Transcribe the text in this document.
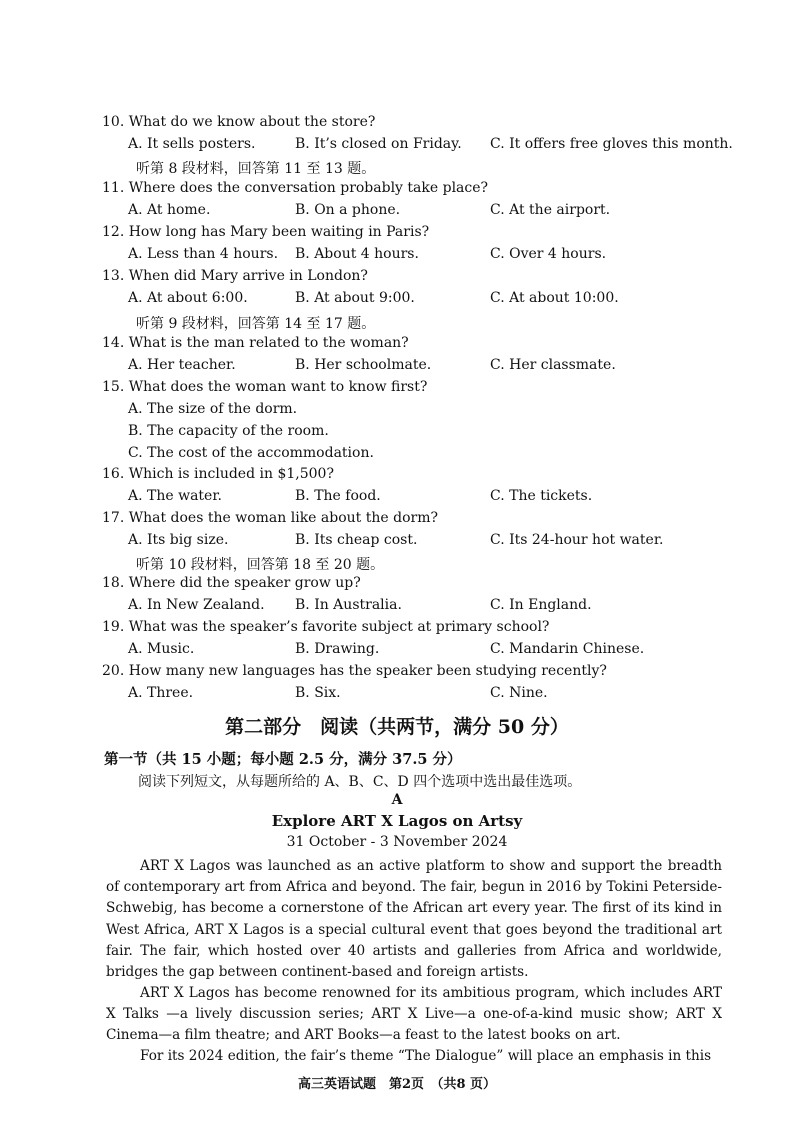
10. What do we know about the store?
A. It sells posters.	B. It’s closed on Friday. C. It offers free gloves this month.
听第 8 段材料，回答第 11 至 13 题。
11. Where does the conversation probably take place?
A. At home.	B. On a phone.	C. At the airport.
12. How long has Mary been waiting in Paris?
A. Less than 4 hours. B. About 4 hours.	C. Over 4 hours.
13. When did Mary arrive in London?
A. At about 6:00.	B. At about 9:00.	C. At about 10:00.
听第 9 段材料，回答第 14 至 17 题。
14. What is the man related to the woman?
A. Her teacher.	B. Her schoolmate.	C. Her classmate.
15. What does the woman want to know first?
A. The size of the dorm.
B. The capacity of the room.
C. The cost of the accommodation.
16. Which is included in $1,500?
A. The water.	B. The food.	C. The tickets.
17. What does the woman like about the dorm?
A. Its big size.	B. Its cheap cost.	C. Its 24-hour hot water.
听第 10 段材料，回答第 18 至 20 题。
18. Where did the speaker grow up?
A. In New Zealand. B. In Australia.	C. In England.
19. What was the speaker’s favorite subject at primary school?
A. Music.	B. Drawing.	C. Mandarin Chinese.
20. How many new languages has the speaker been studying recently?
A. Three.	B. Six.	C. Nine.
第二部分　阅读（共两节，满分 50 分）
第一节（共 15 小题；每小题 2.5 分，满分 37.5 分）
阅读下列短文，从每题所给的 A、B、C、D 四个选项中选出最佳选项。
A
Explore ART X Lagos on Artsy
31 October - 3 November 2024

ART X Lagos was launched as an active platform to show and support the breadth of contemporary art from Africa and beyond. The fair, begun in 2016 by Tokini Peterside-Schwebig, has become a cornerstone of the African art every year. The first of its kind in West Africa, ART X Lagos is a special cultural event that goes beyond the traditional art fair. The fair, which hosted over 40 artists and galleries from Africa and worldwide, bridges the gap between continent-based and foreign artists.

ART X Lagos has become renowned for its ambitious program, which includes ART X Talks —a lively discussion series; ART X Live—a one-of-a-kind music show; ART X Cinema—a film theatre; and ART Books—a feast to the latest books on art.

For its 2024 edition, the fair’s theme “The Dialogue” will place an emphasis in this

高三英语试题　第2页　（共8 页）
